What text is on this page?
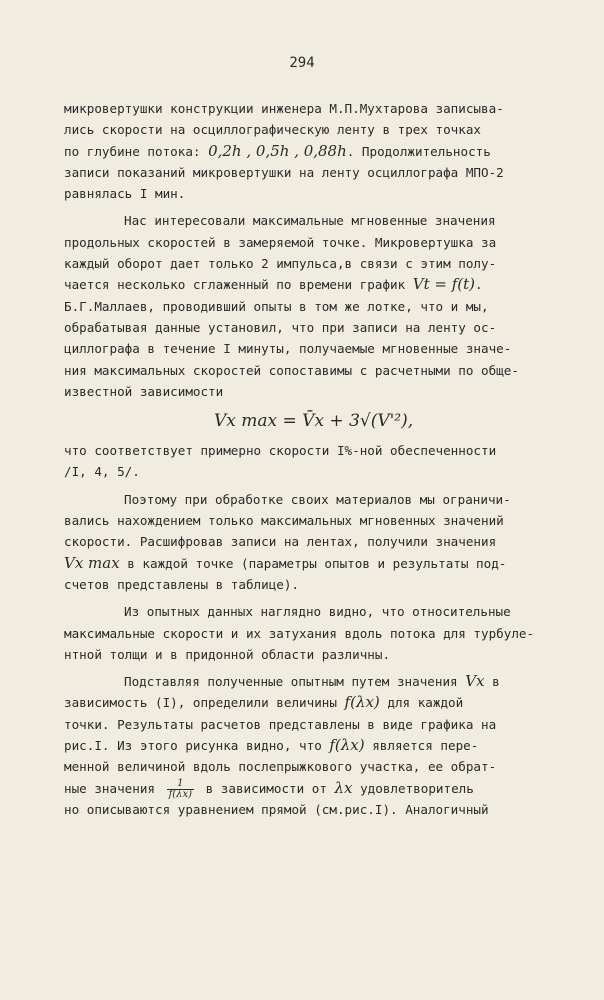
294
микровертушки конструкции инженера М.П.Мухтарова записыва-
лись скорости на осциллографическую ленту в трех точках
по глубине потока: 0,2h , 0,5h , 0,88h. Продолжительность
записи показаний микровертушки на ленту осциллографа МПО-2
равнялась I мин.
Нас интересовали максимальные мгновенные значения
продольных скоростей в замеряемой точке. Микровертушка за
каждый оборот дает только 2 импульса,в связи с этим полу-
чается несколько сглаженный по времени график Vt = f(t).
Б.Г.Маллаев, проводивший опыты в том же лотке, что и мы,
обрабатывая данные установил, что при записи на ленту ос-
циллографа в течение I минуты, получаемые мгновенные значе-
ния максимальных скоростей сопоставимы с расчетными по обще-
известной зависимости
Vx max = V̄x + 3√(V'²),
что соответствует примерно скорости I%-ной обеспеченности
/I, 4, 5/.
Поэтому при обработке своих материалов мы ограничи-
вались нахождением только максимальных мгновенных значений
скорости. Расшифровав записи на лентах, получили значения
Vx max в каждой точке (параметры опытов и результаты под-
счетов представлены в таблице).
Из опытных данных наглядно видно, что относительные
максимальные скорости и их затухания вдоль потока для турбуле-
нтной толщи и в придонной области различны.
Подставляя полученные опытным путем значения Vx в
зависимость (I), определили величины f(λx) для каждой
точки. Результаты расчетов представлены в виде графика на
рис.I. Из этого рисунка видно, что f(λx) является пере-
менной величиной вдоль послепрыжкового участка, ее обрат-
ные значения $\frac{1}{f(\lambda x)}$ в зависимости от λx удовлетворитель
но описываются уравнением прямой (см.рис.I). Аналогичный
